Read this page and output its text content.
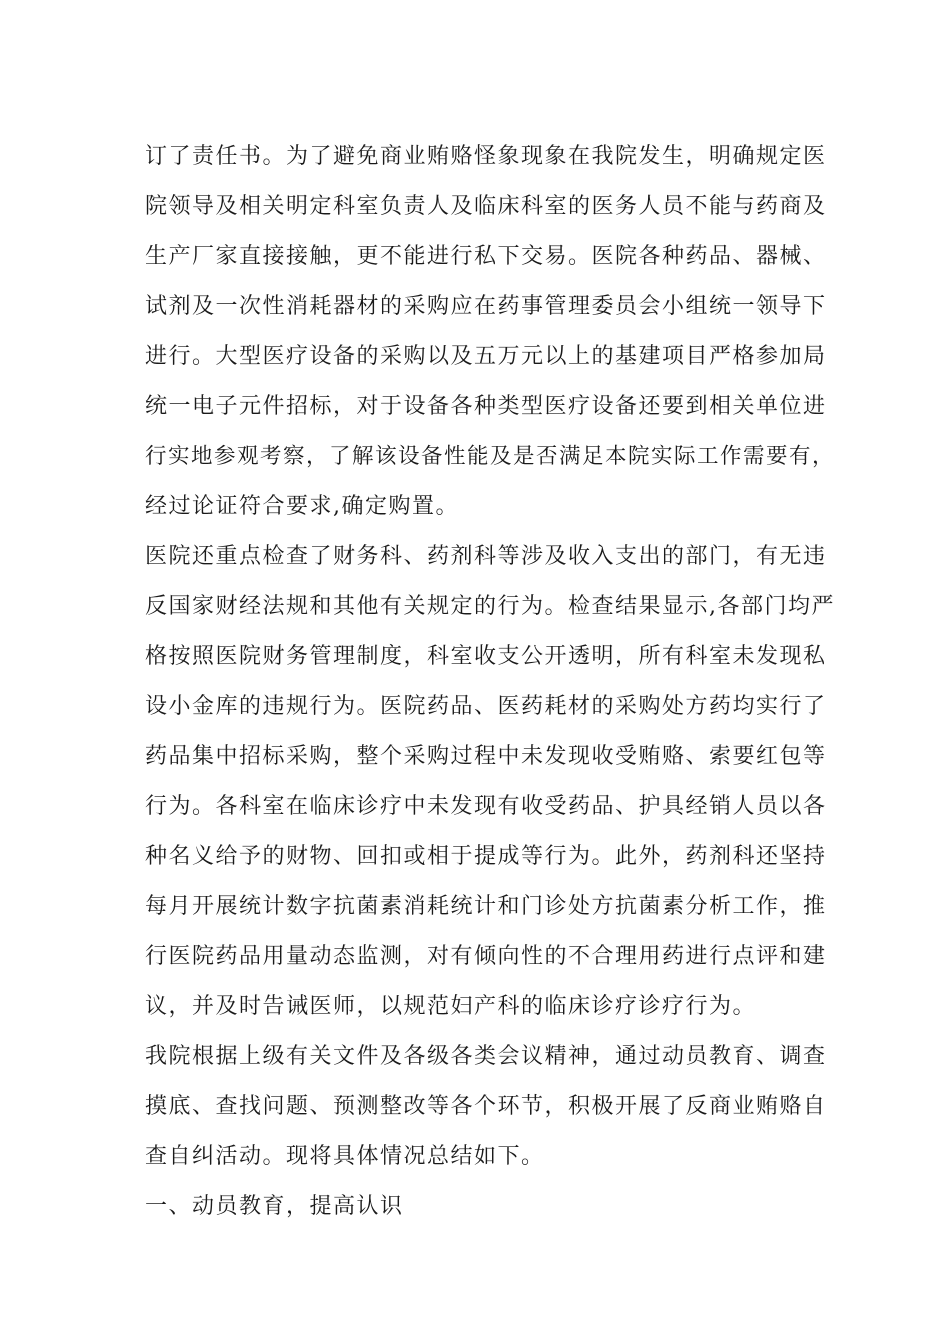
订了责任书。为了避免商业贿赂怪象现象在我院发生，明确规定医
院领导及相关明定科室负责人及临床科室的医务人员不能与药商及
生产厂家直接接触，更不能进行私下交易。医院各种药品、器械、
试剂及一次性消耗器材的采购应在药事管理委员会小组统一领导下
进行。大型医疗设备的采购以及五万元以上的基建项目严格参加局
统一电子元件招标，对于设备各种类型医疗设备还要到相关单位进
行实地参观考察，了解该设备性能及是否满足本院实际工作需要有，
经过论证符合要求,确定购置。
医院还重点检查了财务科、药剂科等涉及收入支出的部门，有无违
反国家财经法规和其他有关规定的行为。检查结果显示,各部门均严
格按照医院财务管理制度，科室收支公开透明，所有科室未发现私
设小金库的违规行为。医院药品、医药耗材的采购处方药均实行了
药品集中招标采购，整个采购过程中未发现收受贿赂、索要红包等
行为。各科室在临床诊疗中未发现有收受药品、护具经销人员以各
种名义给予的财物、回扣或相于提成等行为。此外，药剂科还坚持
每月开展统计数字抗菌素消耗统计和门诊处方抗菌素分析工作，推
行医院药品用量动态监测，对有倾向性的不合理用药进行点评和建
议，并及时告诫医师，以规范妇产科的临床诊疗诊疗行为。
我院根据上级有关文件及各级各类会议精神，通过动员教育、调查
摸底、查找问题、预测整改等各个环节，积极开展了反商业贿赂自
查自纠活动。现将具体情况总结如下。
一、动员教育，提高认识
